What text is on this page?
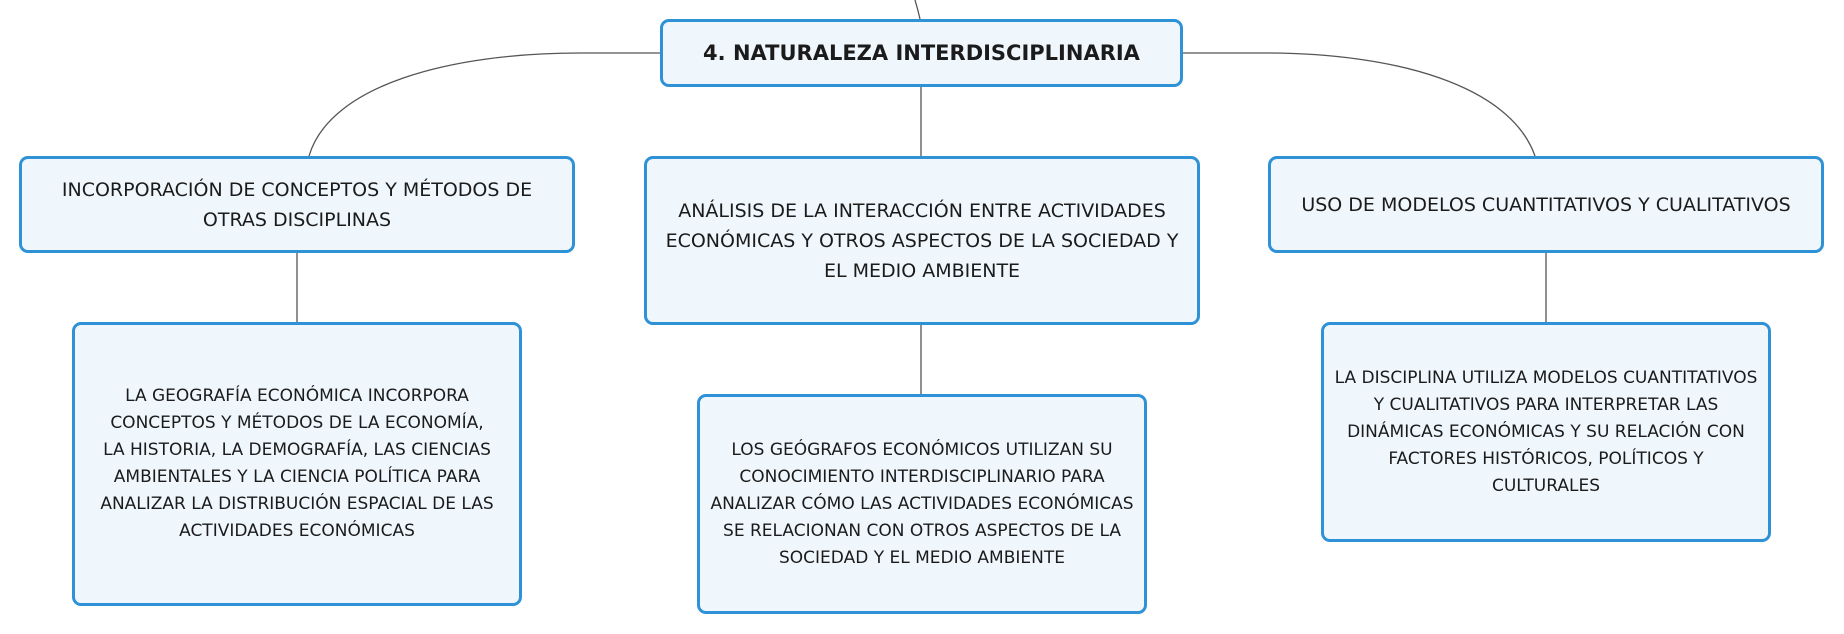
4. NATURALEZA INTERDISCIPLINARIA
INCORPORACIÓN DE CONCEPTOS Y MÉTODOS DE OTRAS DISCIPLINAS	ANÁLISIS DE LA INTERACCIÓN ENTRE ACTIVIDADES ECONÓMICAS Y OTROS ASPECTOS DE LA SOCIEDAD Y EL MEDIO AMBIENTE
USO DE MODELOS CUANTITATIVOS Y CUALITATIVOS
LA GEOGRAFÍA ECONÓMICA INCORPORA CONCEPTOS Y MÉTODOS DE LA ECONOMÍA, LA HISTORIA, LA DEMOGRAFÍA, LAS CIENCIAS AMBIENTALES Y LA CIENCIA POLÍTICA PARA ANALIZAR LA DISTRIBUCIÓN ESPACIAL DE LAS ACTIVIDADES ECONÓMICAS
LOS GEÓGRAFOS ECONÓMICOS UTILIZAN SU CONOCIMIENTO INTERDISCIPLINARIO PARA ANALIZAR CÓMO LAS ACTIVIDADES ECONÓMICAS SE RELACIONAN CON OTROS ASPECTOS DE LA SOCIEDAD Y EL MEDIO AMBIENTE
LA DISCIPLINA UTILIZA MODELOS CUANTITATIVOS Y CUALITATIVOS PARA INTERPRETAR LAS DINÁMICAS ECONÓMICAS Y SU RELACIÓN CON FACTORES HISTÓRICOS, POLÍTICOS Y CULTURALES
